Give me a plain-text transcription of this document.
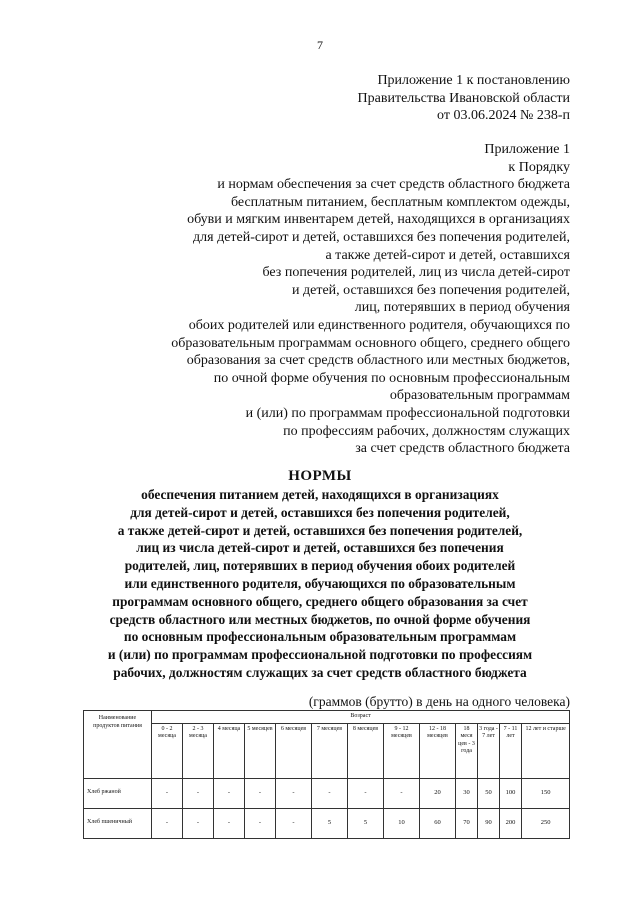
7
Приложение 1 к постановлению
Правительства Ивановской области
от 03.06.2024 № 238-п
Приложение 1
к Порядку
и нормам обеспечения за счет средств областного бюджета
бесплатным питанием, бесплатным комплектом одежды,
обуви и мягким инвентарем детей, находящихся в организациях
для детей-сирот и детей, оставшихся без попечения родителей,
а также детей-сирот и детей, оставшихся
без попечения родителей, лиц из числа детей-сирот
и детей, оставшихся без попечения родителей,
лиц, потерявших в период обучения
обоих родителей или единственного родителя, обучающихся по
образовательным программам основного общего, среднего общего
образования за счет средств областного или местных бюджетов,
по очной форме обучения по основным профессиональным
образовательным программам
и (или) по программам профессиональной подготовки
по профессиям рабочих, должностям служащих
за счет средств областного бюджета
НОРМЫ
обеспечения питанием детей, находящихся в организациях
для детей-сирот и детей, оставшихся без попечения родителей,
а также детей-сирот и детей, оставшихся без попечения родителей,
лиц из числа детей-сирот и детей, оставшихся без попечения
родителей, лиц, потерявших в период обучения обоих родителей
или единственного родителя, обучающихся по образовательным
программам основного общего, среднего общего образования за счет
средств областного или местных бюджетов, по очной форме обучения
по основным профессиональным образовательным программам
и (или) по программам профессиональной подготовки по профессиям
рабочих, должностям служащих за счет средств областного бюджета
(граммов (брутто) в день на одного человека)
Наименование продуктов питания	Возраст												
	0 - 2 месяца	2 - 3 месяца	4 месяца	5 месяцев	6 месяцев	7 месяцев	8 месяцев	9 - 12 месяцев	12 - 18 месяцев	18 меся цев - 3 года	3 года - 7 лет	7 - 11 лет	12 лет и старше
Хлеб ржаной	-	-	-	-	-	-	-	-	20	30	50	100	150
Хлеб пшеничный	-	-	-	-	-	5	5	10	60	70	90	200	250
